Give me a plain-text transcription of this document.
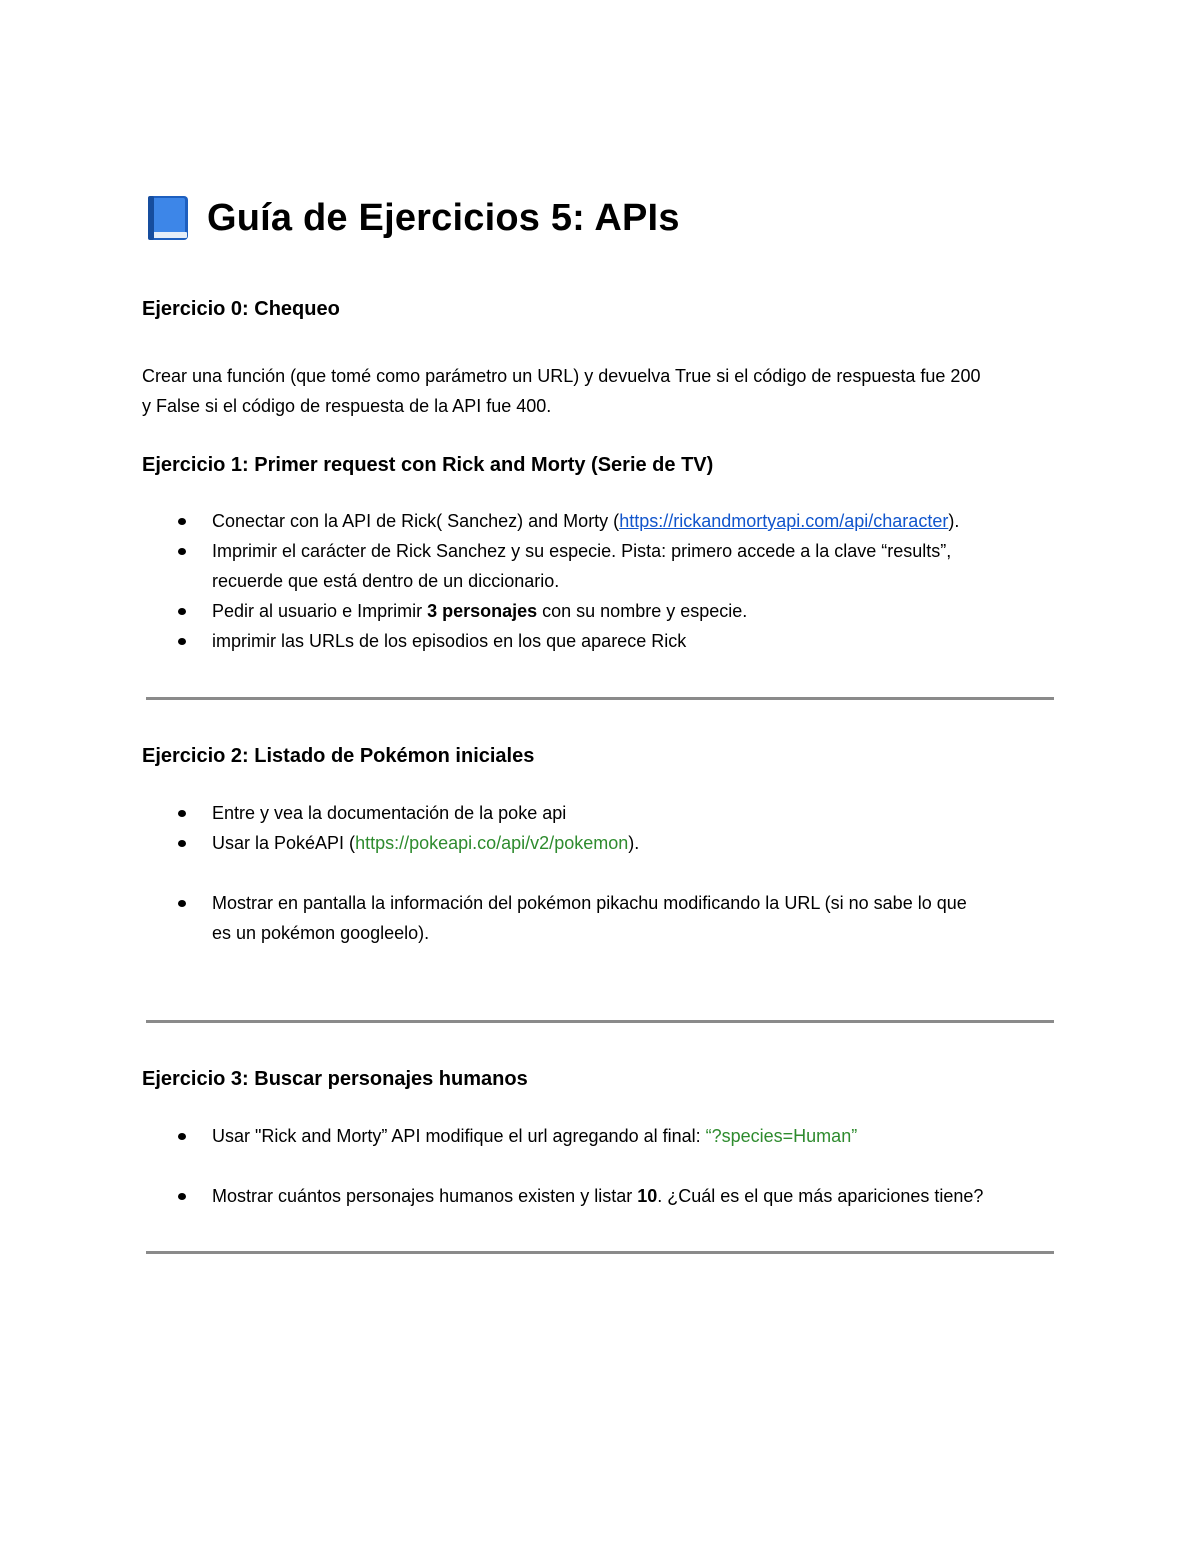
Guía de Ejercicios 5: APIs
Ejercicio 0: Chequeo
Crear una función (que tomé como parámetro un URL) y devuelva True si el código de respuesta fue 200
y False si el código de respuesta de la API fue 400.
Ejercicio 1: Primer request con Rick and Morty (Serie de TV)
Conectar con la API de Rick( Sanchez) and Morty (https://rickandmortyapi.com/api/character).
Imprimir el carácter de Rick Sanchez y su especie. Pista: primero accede a la clave “results”,
recuerde que está dentro de un diccionario.
Pedir al usuario e Imprimir 3 personajes con su nombre y especie.
imprimir las URLs de los episodios en los que aparece Rick
Ejercicio 2: Listado de Pokémon iniciales
Entre y vea la documentación de la poke api
Usar la PokéAPI (https://pokeapi.co/api/v2/pokemon).
Mostrar en pantalla la información del pokémon pikachu modificando la URL (si no sabe lo que
es un pokémon googleelo).
Ejercicio 3: Buscar personajes humanos
Usar "Rick and Morty” API modifique el url agregando al final: “?species=Human”
Mostrar cuántos personajes humanos existen y listar 10. ¿Cuál es el que más apariciones tiene?
